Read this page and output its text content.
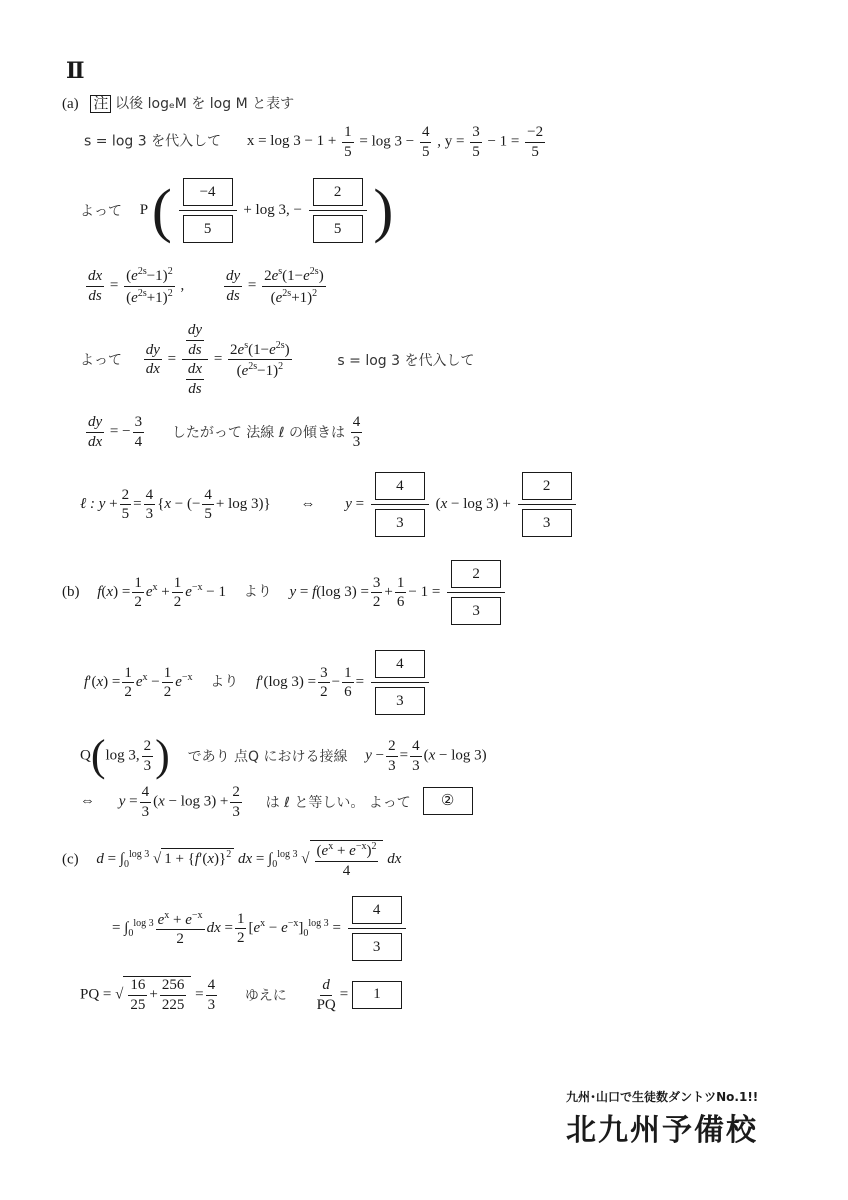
Ⅱ
(a) 注 以後 logₑM を log M と表す
s = log 3 を代入して $x = \log 3 - 1 + \frac{1}{5} = \log 3 - \frac{4}{5}$ , $y = \frac{3}{5} - 1 = \frac{-2}{5}$
よって P ( $\frac{-4}{5} + \log 3$, − $\frac{2}{5}$ )
$\frac{dx}{ds} = \frac{(e^{2s}-1)^2}{(e^{2s}+1)^2}$ , $\frac{dy}{ds} = \frac{2e^s(1-e^{2s})}{(e^{2s}+1)^2}$
よって $\frac{dy}{dx} = \frac{\frac{dy}{ds}}{\frac{dx}{ds}} = \frac{2e^s(1-e^{2s})}{(e^{2s}-1)^2}$	s = log 3 を代入して
$\frac{dy}{dx}$ = − $\frac{3}{4}$ したがって 法線 ℓ の傾きは $\frac{4}{3}$
ℓ : $y + \frac{2}{5} = \frac{4}{3} \{x$ − (− $\frac{4}{5} + \log 3$)} ⇔ $y = \frac{4}{3} (x - \log 3) + \frac{2}{3}$
(b) $f(x) = \frac{1}{2} e^x + \frac{1}{2} e^{-x} - 1$ より y = f(log $3) = \frac{3}{2} + \frac{1}{6} - 1 = \frac{2}{3}$
$f'(x) = \frac{1}{2} e^x - \frac{1}{2} e^{-x}$ より f′(log $3) = \frac{3}{2} - \frac{1}{6} = \frac{4}{3}$
Q(log 3, $\frac{2}{3}$ ) であり 点Q における接線 $y - \frac{2}{3} = \frac{4}{3} (x - \log 3)$
⇔ $y = \frac{4}{3} (x - \log 3) + \frac{2}{3}$ は ℓ と等しい。 よって ②
(c) $d = \int_0^{log 3}$ √ $1 + \{f'(x)\}^2$ dx = $\int_0^{log 3}$ √ $\frac{(e^x + e^{-x})^2}{4}$ dx
= $\int_0^{log 3} \frac{e^x + e^{-x}}{2}$ dx = $\frac{1}{2} [e^x - e^{-x}]_0^{log 3} = \frac{4}{3}$
PQ = √ $\frac{16}{25} + \frac{256}{225} = \frac{4}{3}$ ゆえに $\frac{d}{PQ} = 1$
九州･山口で生徒数ダントツNo.1!!
北九州予備校
